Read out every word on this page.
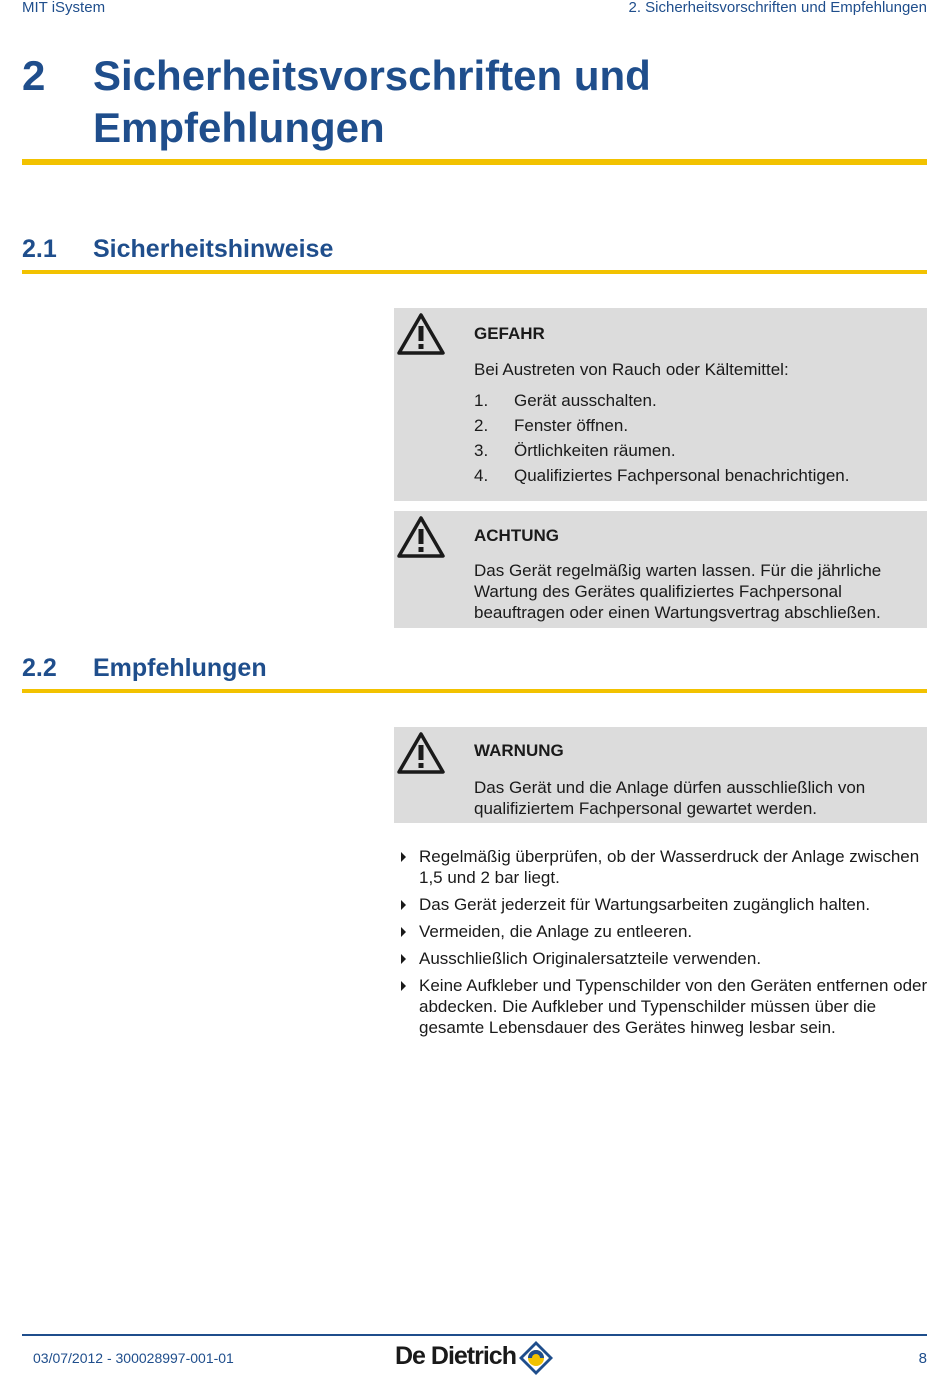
MIT iSystem	2. Sicherheitsvorschriften und Empfehlungen
2 Sicherheitsvorschriften und Empfehlungen
2.1 Sicherheitshinweise
GEFAHR
Bei Austreten von Rauch oder Kältemittel:
1. Gerät ausschalten.
2. Fenster öffnen.
3. Örtlichkeiten räumen.
4. Qualifiziertes Fachpersonal benachrichtigen.
ACHTUNG
Das Gerät regelmäßig warten lassen. Für die jährliche Wartung des Gerätes qualifiziertes Fachpersonal beauftragen oder einen Wartungsvertrag abschließen.
2.2 Empfehlungen
WARNUNG
Das Gerät und die Anlage dürfen ausschließlich von qualifiziertem Fachpersonal gewartet werden.
Regelmäßig überprüfen, ob der Wasserdruck der Anlage zwischen 1,5 und 2 bar liegt.
Das Gerät jederzeit für Wartungsarbeiten zugänglich halten.
Vermeiden, die Anlage zu entleeren.
Ausschließlich Originalersatzteile verwenden.
Keine Aufkleber und Typenschilder von den Geräten entfernen oder abdecken. Die Aufkleber und Typenschilder müssen über die gesamte Lebensdauer des Gerätes hinweg lesbar sein.
03/07/2012 - 300028997-001-01	De Dietrich	8
